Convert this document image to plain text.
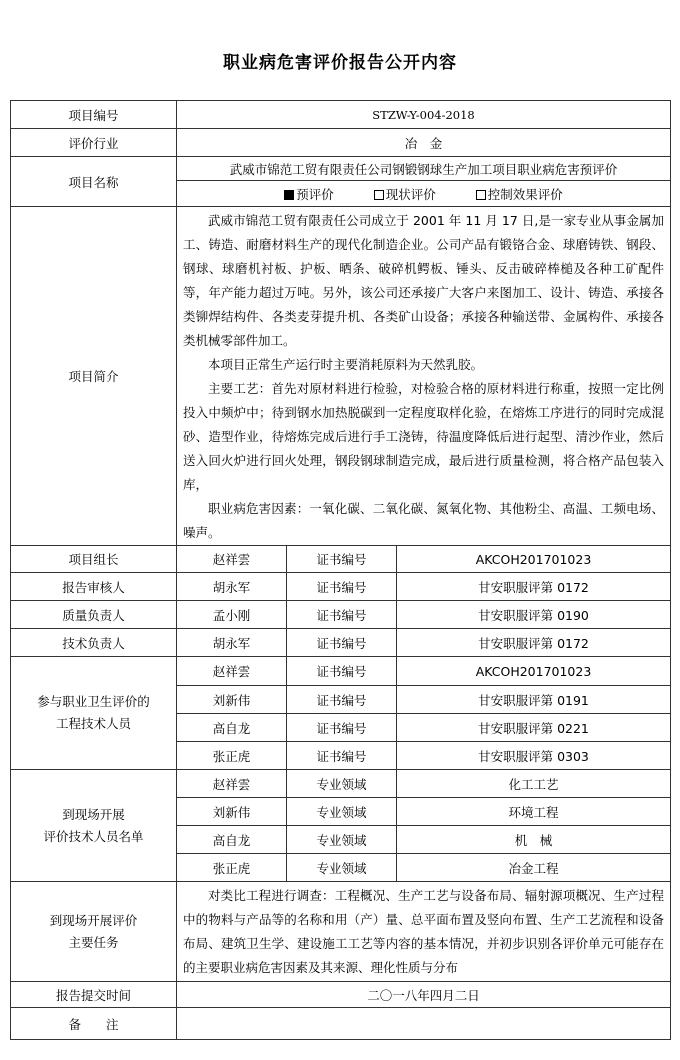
职业病危害评价报告公开内容
项目编号	STZW-Y-004-2018		
评价行业	冶　金		
项目名称	武威市锦范工贸有限责任公司钢锻钢球生产加工项目职业病危害预评价		
	预评价 现状评价 控制效果评价		
项目简介	武威市锦范工贸有限责任公司成立于 2001 年 11 月 17 日,是一家专业从事金属加工、铸造、耐磨材料生产的现代化制造企业。公司产品有锻铬合金、球磨铸铁、钢段、钢球、球磨机衬板、护板、晒条、破碎机鳄板、锤头、反击破碎棒槌及各种工矿配件等，年产能力超过万吨。另外，该公司还承接广大客户来图加工、设计、铸造、承接各类铆焊结构件、各类麦芽提升机、各类矿山设备；承接各种输送带、金属构件、承接各类机械零部件加工。

本项目正常生产运行时主要消耗原料为天然乳胶。

主要工艺：首先对原材料进行检验，对检验合格的原材料进行称重，按照一定比例投入中频炉中；待到钢水加热脱碳到一定程度取样化验，在熔炼工序进行的同时完成混砂、造型作业，待熔炼完成后进行手工浇铸，待温度降低后进行起型、清沙作业，然后送入回火炉进行回火处理，钢段钢球制造完成，最后进行质量检测，将合格产品包装入库，

职业病危害因素：一氧化碳、二氧化碳、氮氧化物、其他粉尘、高温、工频电场、噪声。		

项目组长	赵祥雲	证书编号	AKCOH201701023
报告审核人	胡永军	证书编号	甘安职服评第 0172
质量负责人	孟小刚	证书编号	甘安职服评第 0190
技术负责人	胡永军	证书编号	甘安职服评第 0172

参与职业卫生评价的
工程技术人员	赵祥雲	证书编号	AKCOH201701023
	刘新伟	证书编号	甘安职服评第 0191
	高自龙	证书编号	甘安职服评第 0221
	张正虎	证书编号	甘安职服评第 0303

到现场开展
评价技术人员名单	赵祥雲	专业领域	化工工艺
	刘新伟	专业领域	环境工程
	高自龙	专业领域	机　械
	张正虎	专业领域	冶金工程

到现场开展评价
主要任务	对类比工程进行调查：工程概况、生产工艺与设备布局、辐射源项概况、生产过程中的物料与产品等的名称和用（产）量、总平面布置及竖向布置、生产工艺流程和设备布局、建筑卫生学、建设施工工艺等内容的基本情况，并初步识别各评价单元可能存在的主要职业病危害因素及其来源、理化性质与分布		

报告提交时间	二〇一八年四月二日		
备　　注			
